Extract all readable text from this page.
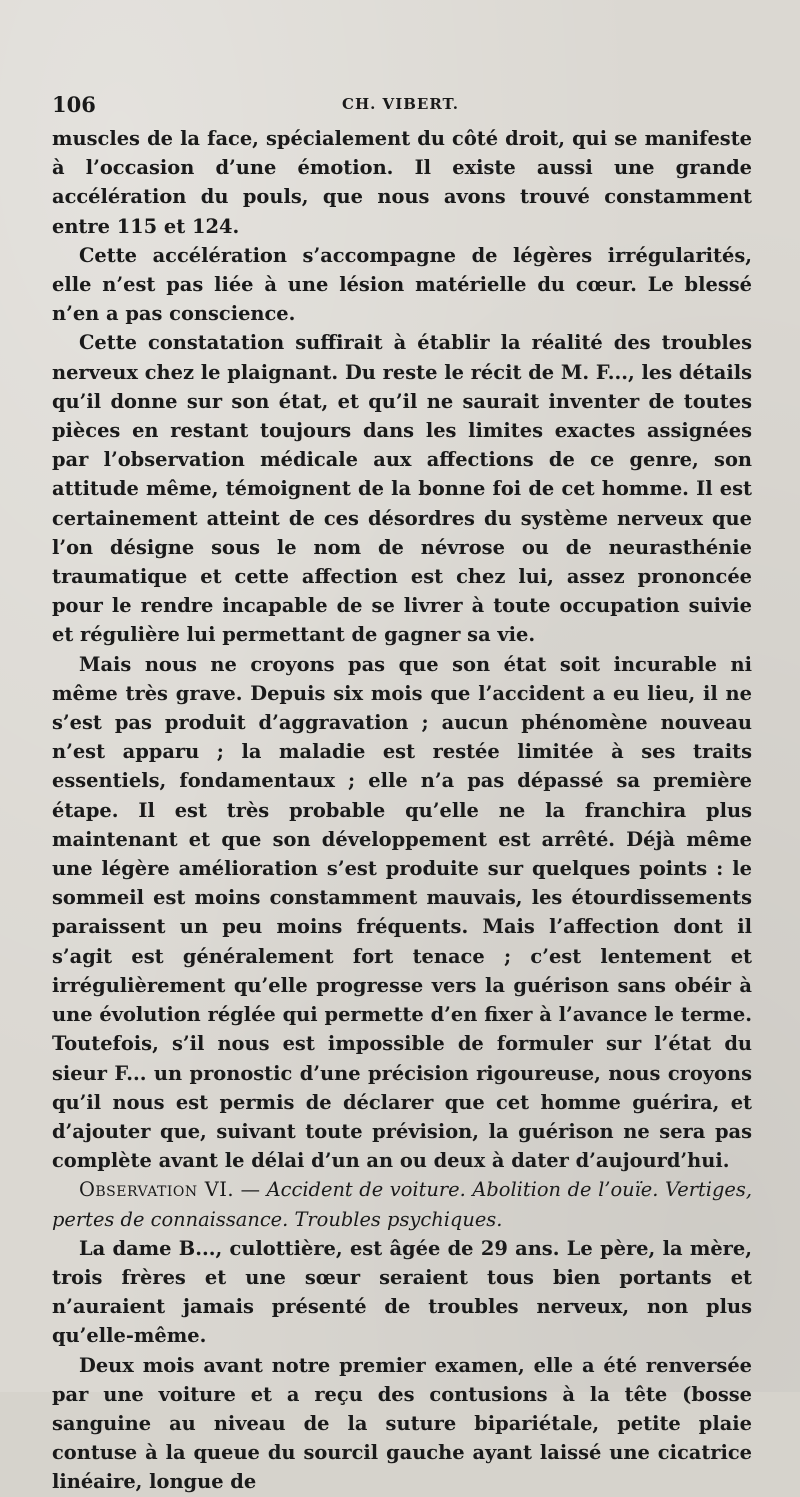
106	CH. VIBERT.

muscles de la face, spécialement du côté droit, qui se manifeste à l’occasion d’une émotion. Il existe aussi une grande accélération du pouls, que nous avons trouvé constamment entre 115 et 124.

Cette accélération s’accompagne de légères irrégularités, elle n’est pas liée à une lésion matérielle du cœur. Le blessé n’en a pas conscience.

Cette constatation suffirait à établir la réalité des troubles nerveux chez le plaignant. Du reste le récit de M. F..., les détails qu’il donne sur son état, et qu’il ne saurait inventer de toutes pièces en restant toujours dans les limites exactes assignées par l’observation médicale aux affections de ce genre, son attitude même, témoignent de la bonne foi de cet homme. Il est certainement atteint de ces désordres du système nerveux que l’on désigne sous le nom de névrose ou de neurasthénie traumatique et cette affection est chez lui, assez prononcée pour le rendre incapable de se livrer à toute occupation suivie et régulière lui permettant de gagner sa vie.

Mais nous ne croyons pas que son état soit incurable ni même très grave. Depuis six mois que l’accident a eu lieu, il ne s’est pas produit d’aggravation ; aucun phénomène nouveau n’est apparu ; la maladie est restée limitée à ses traits essentiels, fondamentaux ; elle n’a pas dépassé sa première étape. Il est très probable qu’elle ne la franchira plus maintenant et que son développement est arrêté. Déjà même une légère amélioration s’est produite sur quelques points : le sommeil est moins constamment mauvais, les étourdissements paraissent un peu moins fréquents. Mais l’affection dont il s’agit est généralement fort tenace ; c’est lentement et irrégulièrement qu’elle progresse vers la guérison sans obéir à une évolution réglée qui permette d’en fixer à l’avance le terme. Toutefois, s’il nous est impossible de formuler sur l’état du sieur F... un pronostic d’une précision rigoureuse, nous croyons qu’il nous est permis de déclarer que cet homme guérira, et d’ajouter que, suivant toute prévision, la guérison ne sera pas complète avant le délai d’un an ou deux à dater d’aujourd’hui.

Observation VI. — Accident de voiture. Abolition de l’ouïe. Vertiges, pertes de connaissance. Troubles psychiques.

La dame B..., culottière, est âgée de 29 ans. Le père, la mère, trois frères et une sœur seraient tous bien portants et n’auraient jamais présenté de troubles nerveux, non plus qu’elle-même.

Deux mois avant notre premier examen, elle a été renversée par une voiture et a reçu des contusions à la tête (bosse sanguine au niveau de la suture bipariétale, petite plaie contuse à la queue du sourcil gauche ayant laissé une cicatrice linéaire, longue de
